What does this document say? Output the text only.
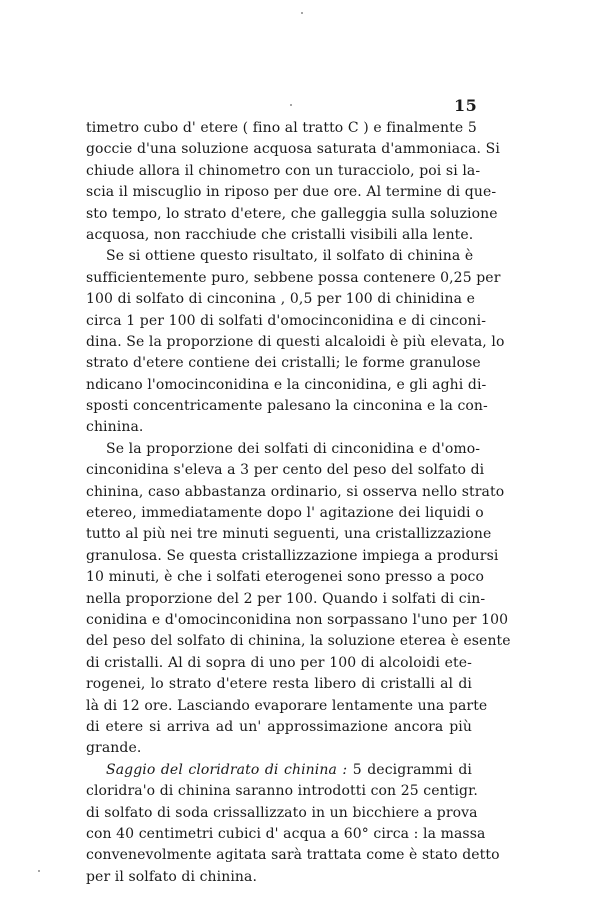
15
timetro cubo d' etere ( fino al tratto C ) e finalmente 5
goccie d'una soluzione acquosa saturata d'ammoniaca. Si
chiude allora il chinometro con un turacciolo, poi si la-
scia il miscuglio in riposo per due ore. Al termine di que-
sto tempo, lo strato d'etere, che galleggia sulla soluzione
acquosa, non racchiude che cristalli visibili alla lente.
Se si ottiene questo risultato, il solfato di chinina è
sufficientemente puro, sebbene possa contenere 0,25 per
100 di solfato di cinconina , 0,5 per 100 di chinidina e
circa 1 per 100 di solfati d'omocinconidina e di cinconi-
dina. Se la proporzione di questi alcaloidi è più elevata, lo
strato d'etere contiene dei cristalli; le forme granulose
ndicano l'omocinconidina e la cinconidina, e gli aghi di-
sposti concentricamente palesano la cinconina e la con-
chinina.
Se la proporzione dei solfati di cinconidina e d'omo-
cinconidina s'eleva a 3 per cento del peso del solfato di
chinina, caso abbastanza ordinario, si osserva nello strato
etereo, immediatamente dopo l' agitazione dei liquidi o
tutto al più nei tre minuti seguenti, una cristallizzazione
granulosa. Se questa cristallizzazione impiega a prodursi
10 minuti, è che i solfati eterogenei sono presso a poco
nella proporzione del 2 per 100. Quando i solfati di cin-
conidina e d'omocinconidina non sorpassano l'uno per 100
del peso del solfato di chinina, la soluzione eterea è esente
di cristalli. Al di sopra di uno per 100 di alcoloidi ete-
rogenei, lo strato d'etere resta libero di cristalli al di
là di 12 ore. Lasciando evaporare lentamente una parte
di etere si arriva ad un' approssimazione ancora più
grande.
Saggio del cloridrato di chinina : 5 decigrammi di
cloridra'o di chinina saranno introdotti con 25 centigr.
di solfato di soda crissallizzato in un bicchiere a prova
con 40 centimetri cubici d' acqua a 60° circa : la massa
convenevolmente agitata sarà trattata come è stato detto
per il solfato di chinina.
